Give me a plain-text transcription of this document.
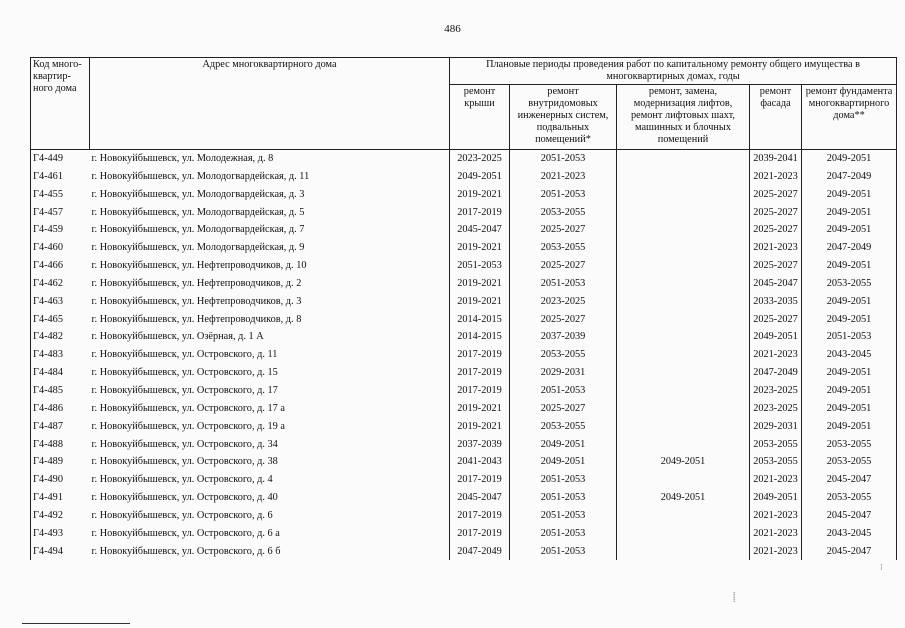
486
Код много-квартир-ного дома	Адрес многоквартирного дома	Плановые периоды проведения работ по капитальному ремонту общего имущества в многоквартирных домах, годы				
		ремонт крыши	ремонт внутридомовых инженерных систем, подвальных помещений*	ремонт, замена, модернизация лифтов, ремонт лифтовых шахт, машинных и блочных помещений	ремонт фасада	ремонт фундамента многоквартирного дома**
Г4-449	г. Новокуйбышевск, ул. Молодежная, д. 8	2023-2025	2051-2053		2039-2041	2049-2051
Г4-461	г. Новокуйбышевск, ул. Молодогвардейская, д. 11	2049-2051	2021-2023		2021-2023	2047-2049
Г4-455	г. Новокуйбышевск, ул. Молодогвардейская, д. 3	2019-2021	2051-2053		2025-2027	2049-2051
Г4-457	г. Новокуйбышевск, ул. Молодогвардейская, д. 5	2017-2019	2053-2055		2025-2027	2049-2051
Г4-459	г. Новокуйбышевск, ул. Молодогвардейская, д. 7	2045-2047	2025-2027		2025-2027	2049-2051
Г4-460	г. Новокуйбышевск, ул. Молодогвардейская, д. 9	2019-2021	2053-2055		2021-2023	2047-2049
Г4-466	г. Новокуйбышевск, ул. Нефтепроводчиков, д. 10	2051-2053	2025-2027		2025-2027	2049-2051
Г4-462	г. Новокуйбышевск, ул. Нефтепроводчиков, д. 2	2019-2021	2051-2053		2045-2047	2053-2055
Г4-463	г. Новокуйбышевск, ул. Нефтепроводчиков, д. 3	2019-2021	2023-2025		2033-2035	2049-2051
Г4-465	г. Новокуйбышевск, ул. Нефтепроводчиков, д. 8	2014-2015	2025-2027		2025-2027	2049-2051
Г4-482	г. Новокуйбышевск, ул. Озёрная, д. 1 А	2014-2015	2037-2039		2049-2051	2051-2053
Г4-483	г. Новокуйбышевск, ул. Островского, д. 11	2017-2019	2053-2055		2021-2023	2043-2045
Г4-484	г. Новокуйбышевск, ул. Островского, д. 15	2017-2019	2029-2031		2047-2049	2049-2051
Г4-485	г. Новокуйбышевск, ул. Островского, д. 17	2017-2019	2051-2053		2023-2025	2049-2051
Г4-486	г. Новокуйбышевск, ул. Островского, д. 17 а	2019-2021	2025-2027		2023-2025	2049-2051
Г4-487	г. Новокуйбышевск, ул. Островского, д. 19 а	2019-2021	2053-2055		2029-2031	2049-2051
Г4-488	г. Новокуйбышевск, ул. Островского, д. 34	2037-2039	2049-2051		2053-2055	2053-2055
Г4-489	г. Новокуйбышевск, ул. Островского, д. 38	2041-2043	2049-2051	2049-2051	2053-2055	2053-2055
Г4-490	г. Новокуйбышевск, ул. Островского, д. 4	2017-2019	2051-2053		2021-2023	2045-2047
Г4-491	г. Новокуйбышевск, ул. Островского, д. 40	2045-2047	2051-2053	2049-2051	2049-2051	2053-2055
Г4-492	г. Новокуйбышевск, ул. Островского, д. 6	2017-2019	2051-2053		2021-2023	2045-2047
Г4-493	г. Новокуйбышевск, ул. Островского, д. 6 а	2017-2019	2051-2053		2021-2023	2043-2045
Г4-494	г. Новокуйбышевск, ул. Островского, д. 6 б	2047-2049	2051-2053		2021-2023	2045-2047
⁝
⸽
